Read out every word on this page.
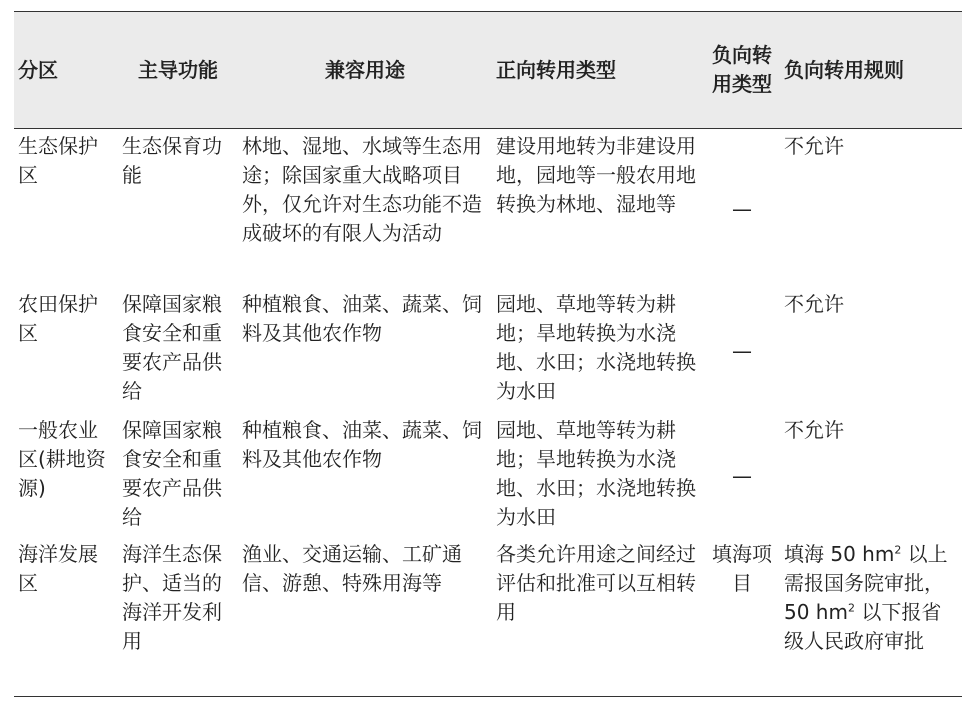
分区	主导功能	兼容用途	正向转用类型	负向转用类型	负向转用规则
生态保护区	生态保育功能	林地、湿地、水域等生态用途；除国家重大战略项目外，仅允许对生态功能不造成破坏的有限人为活动	建设用地转为非建设用地，园地等一般农用地转换为林地、湿地等	—	不允许
农田保护区	保障国家粮食安全和重要农产品供给	种植粮食、油菜、蔬菜、饲料及其他农作物	园地、草地等转为耕地；旱地转换为水浇地、水田；水浇地转换为水田	—	不允许
一般农业区(耕地资源)	保障国家粮食安全和重要农产品供给	种植粮食、油菜、蔬菜、饲料及其他农作物	园地、草地等转为耕地；旱地转换为水浇地、水田；水浇地转换为水田	—	不允许
海洋发展区	海洋生态保护、适当的海洋开发利用	渔业、交通运输、工矿通信、游憩、特殊用海等	各类允许用途之间经过评估和批准可以互相转用	填海项目	填海 50 $hm^2$ 以上需报国务院审批，50 $hm^2$ 以下报省级人民政府审批
